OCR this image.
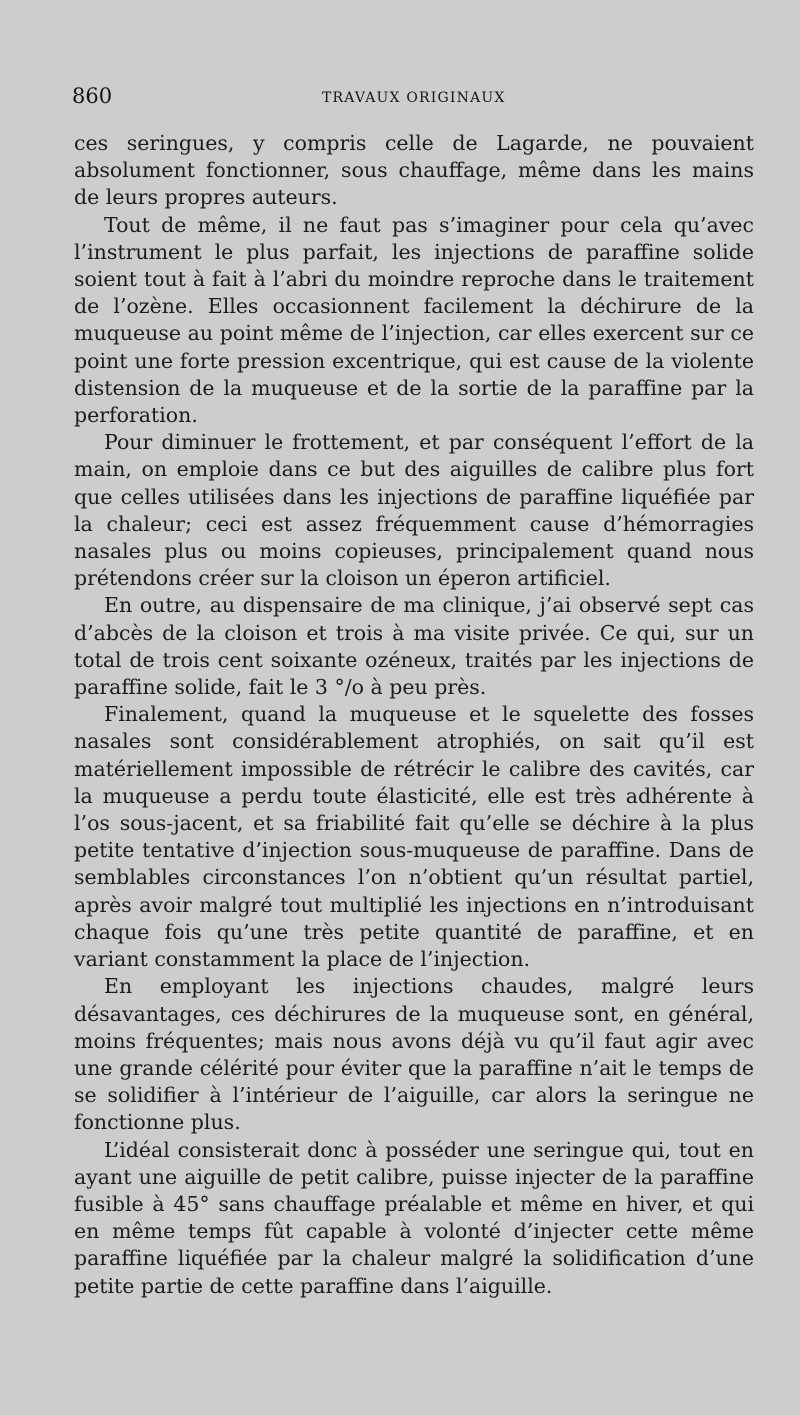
860	TRAVAUX ORIGINAUX

ces seringues, y compris celle de Lagarde, ne pouvaient absolument fonctionner, sous chauffage, même dans les mains de leurs propres auteurs.

Tout de même, il ne faut pas s’imaginer pour cela qu’avec l’instrument le plus parfait, les injections de paraffine solide soient tout à fait à l’abri du moindre reproche dans le traitement de l’ozène. Elles occasionnent facilement la déchirure de la muqueuse au point même de l’injection, car elles exercent sur ce point une forte pression excentrique, qui est cause de la violente distension de la muqueuse et de la sortie de la paraffine par la perforation.

Pour diminuer le frottement, et par conséquent l’effort de la main, on emploie dans ce but des aiguilles de calibre plus fort que celles utilisées dans les injections de paraffine liquéfiée par la chaleur; ceci est assez fréquemment cause d’hémorragies nasales plus ou moins copieuses, principalement quand nous prétendons créer sur la cloison un éperon artificiel.

En outre, au dispensaire de ma clinique, j’ai observé sept cas d’abcès de la cloison et trois à ma visite privée. Ce qui, sur un total de trois cent soixante ozéneux, traités par les injections de paraffine solide, fait le 3 °/o à peu près.

Finalement, quand la muqueuse et le squelette des fosses nasales sont considérablement atrophiés, on sait qu’il est matériellement impossible de rétrécir le calibre des cavités, car la muqueuse a perdu toute élasticité, elle est très adhérente à l’os sous-jacent, et sa friabilité fait qu’elle se déchire à la plus petite tentative d’injection sous-muqueuse de paraffine. Dans de semblables circonstances l’on n’obtient qu’un résultat partiel, après avoir malgré tout multiplié les injections en n’introduisant chaque fois qu’une très petite quantité de paraffine, et en variant constamment la place de l’injection.

En employant les injections chaudes, malgré leurs désavantages, ces déchirures de la muqueuse sont, en général, moins fréquentes; mais nous avons déjà vu qu’il faut agir avec une grande célérité pour éviter que la paraffine n’ait le temps de se solidifier à l’intérieur de l’aiguille, car alors la seringue ne fonctionne plus.

L’idéal consisterait donc à posséder une seringue qui, tout en ayant une aiguille de petit calibre, puisse injecter de la paraffine fusible à 45° sans chauffage préalable et même en hiver, et qui en même temps fût capable à volonté d’injecter cette même paraffine liquéfiée par la chaleur malgré la solidification d’une petite partie de cette paraffine dans l’aiguille.
